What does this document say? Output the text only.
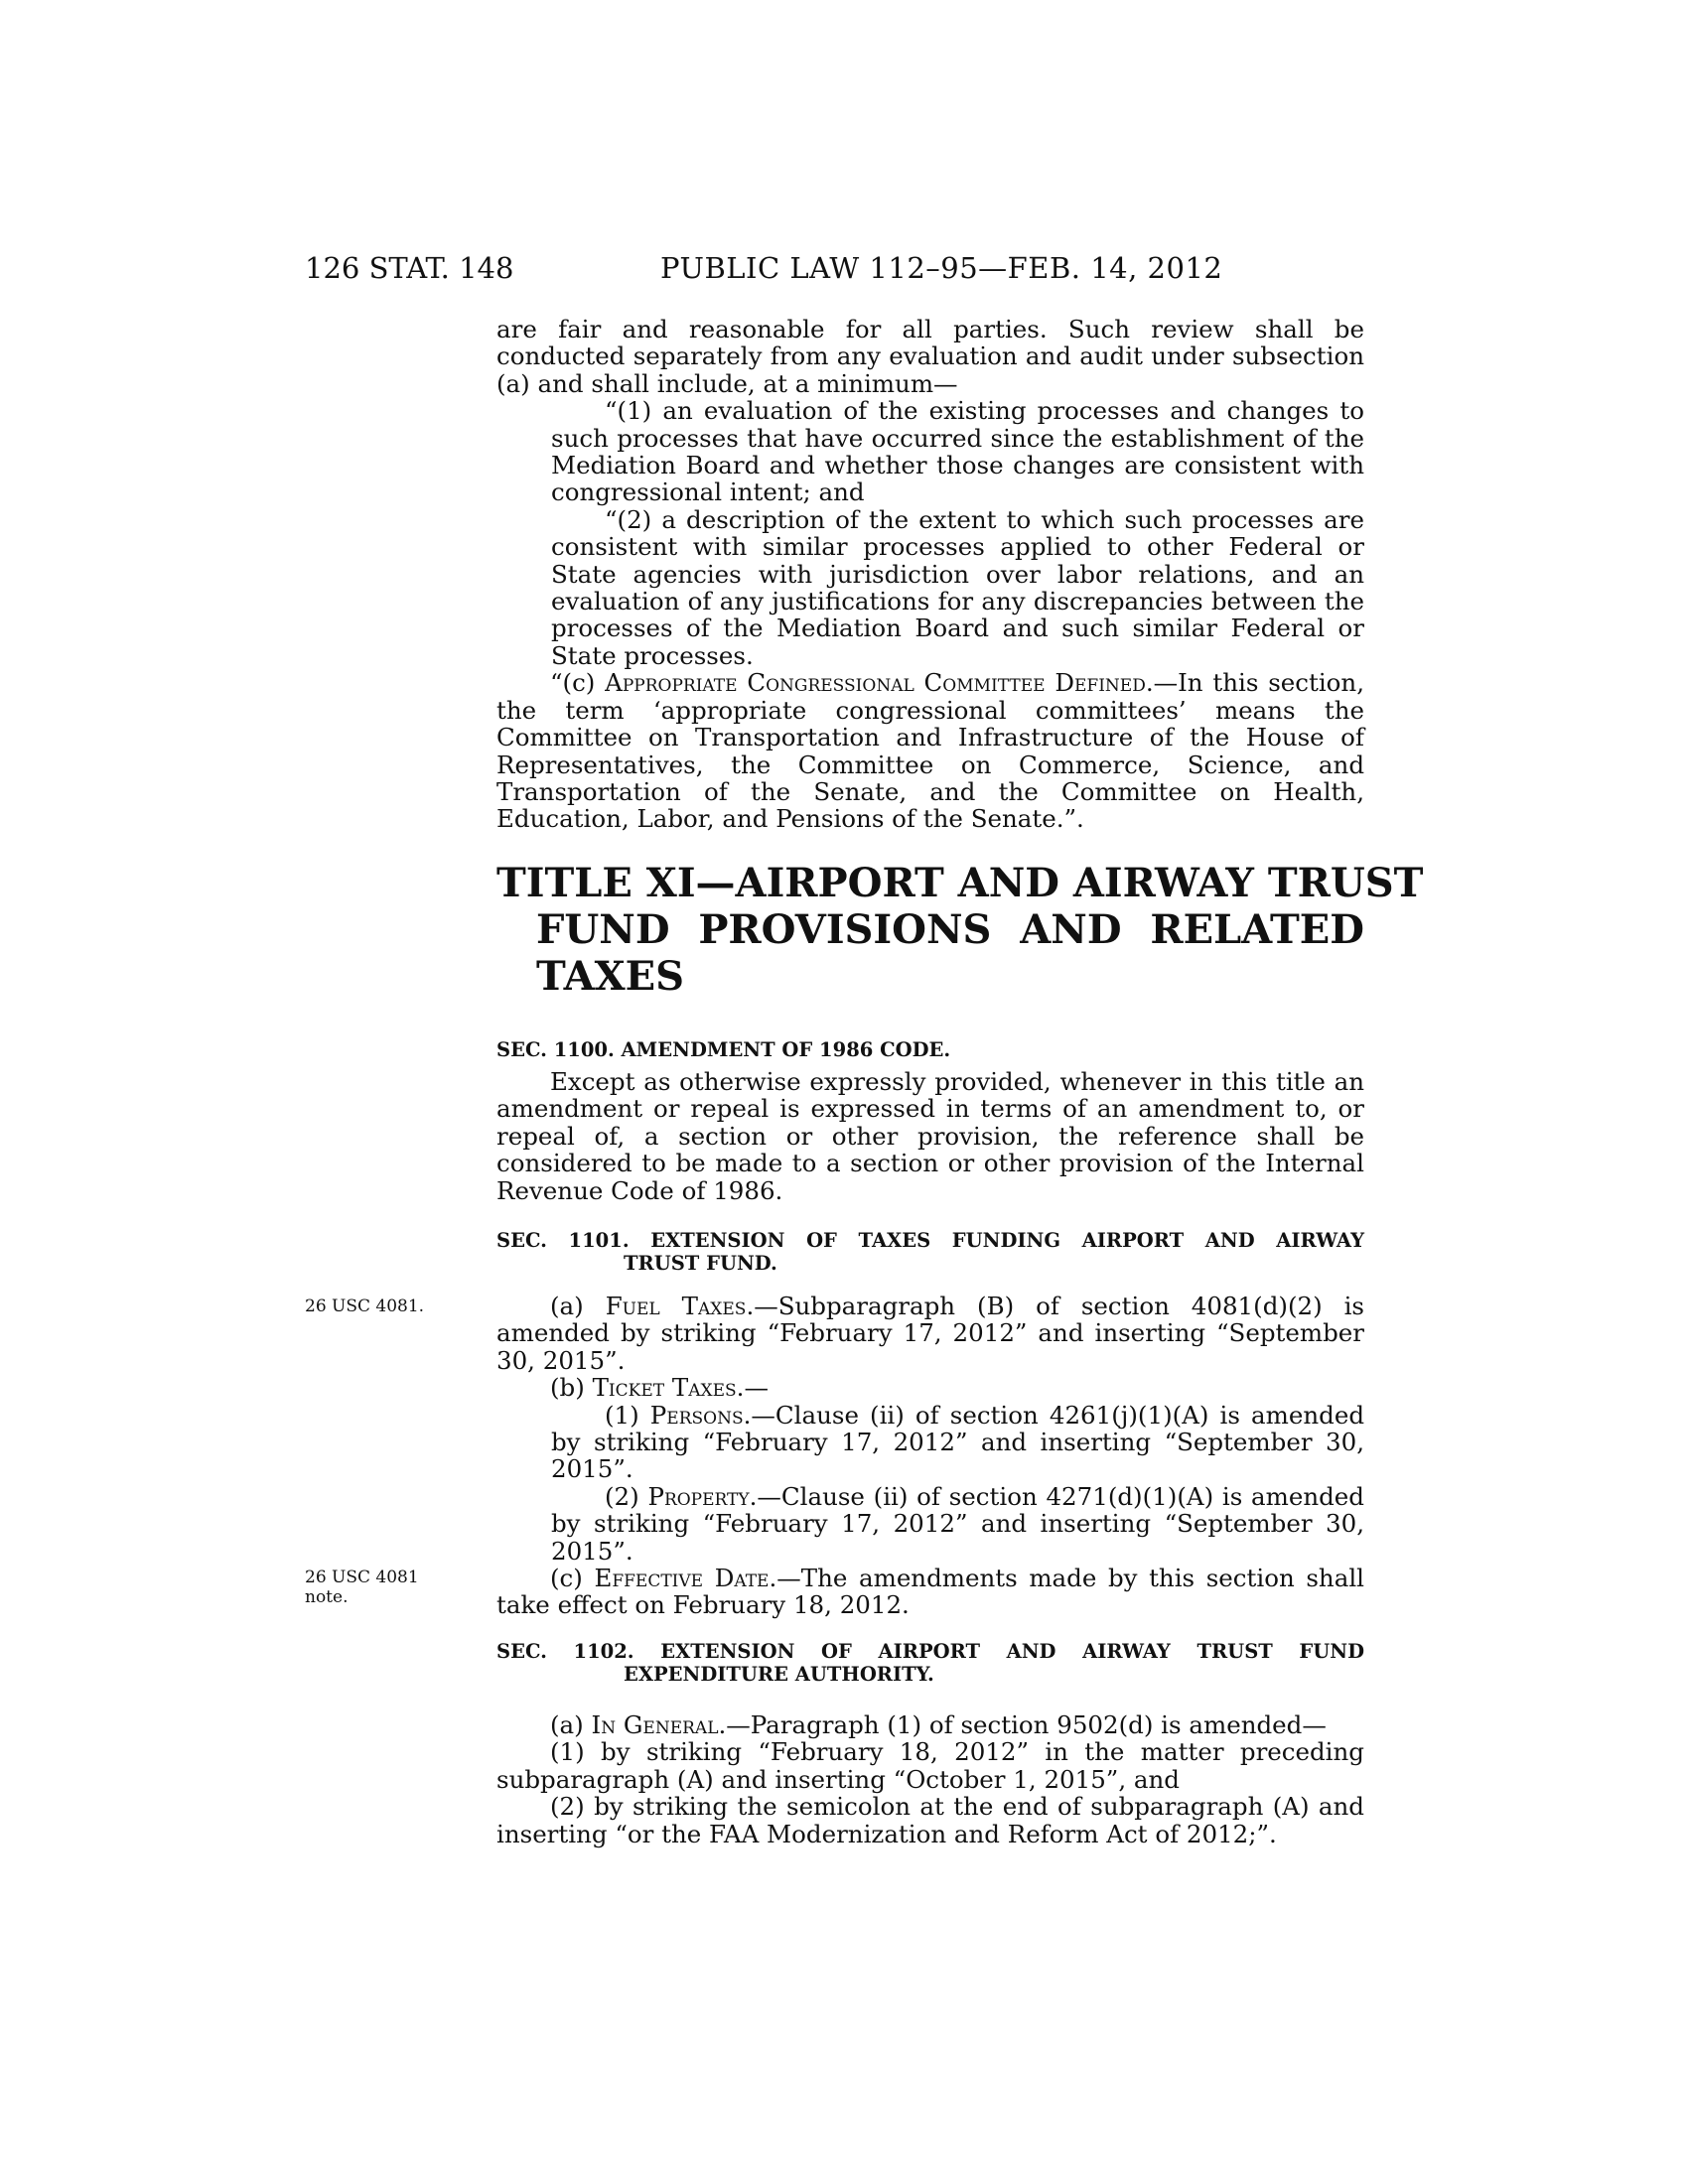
126 STAT. 148	PUBLIC LAW 112–95—FEB. 14, 2012

are fair and reasonable for all parties. Such review shall be conducted separately from any evaluation and audit under subsection (a) and shall include, at a minimum—

“(1) an evaluation of the existing processes and changes to such processes that have occurred since the establishment of the Mediation Board and whether those changes are consistent with congressional intent; and

“(2) a description of the extent to which such processes are consistent with similar processes applied to other Federal or State agencies with jurisdiction over labor relations, and an evaluation of any justifications for any discrepancies between the processes of the Mediation Board and such similar Federal or State processes.

“(c) Appropriate Congressional Committee Defined.—In this section, the term ‘appropriate congressional committees’ means the Committee on Transportation and Infrastructure of the House of Representatives, the Committee on Commerce, Science, and Transportation of the Senate, and the Committee on Health, Education, Labor, and Pensions of the Senate.”.

TITLE XI—AIRPORT AND AIRWAY TRUST
FUND PROVISIONS AND RELATED
TAXES
SEC. 1100. AMENDMENT OF 1986 CODE.

Except as otherwise expressly provided, whenever in this title an amendment or repeal is expressed in terms of an amendment to, or repeal of, a section or other provision, the reference shall be considered to be made to a section or other provision of the Internal Revenue Code of 1986.

SEC. 1101. EXTENSION OF TAXES FUNDING AIRPORT AND AIRWAY
TRUST FUND.
26 USC 4081.	(a) Fuel Taxes.—Subparagraph (B) of section 4081(d)(2) is amended by striking “February 17, 2012” and inserting “September 30, 2015”.

(b) Ticket Taxes.—

(1) Persons.—Clause (ii) of section 4261(j)(1)(A) is amended by striking “February 17, 2012” and inserting “September 30, 2015”.

(2) Property.—Clause (ii) of section 4271(d)(1)(A) is amended by striking “February 17, 2012” and inserting “September 30, 2015”.

(c) Effective Date.—The amendments made by this section shall take effect on February 18, 2012.

26 USC 4081
note.
SEC. 1102. EXTENSION OF AIRPORT AND AIRWAY TRUST FUND
EXPENDITURE AUTHORITY.

(a) In General.—Paragraph (1) of section 9502(d) is amended—

(1) by striking “February 18, 2012” in the matter preceding subparagraph (A) and inserting “October 1, 2015”, and

(2) by striking the semicolon at the end of subparagraph (A) and inserting “or the FAA Modernization and Reform Act of 2012;”.
